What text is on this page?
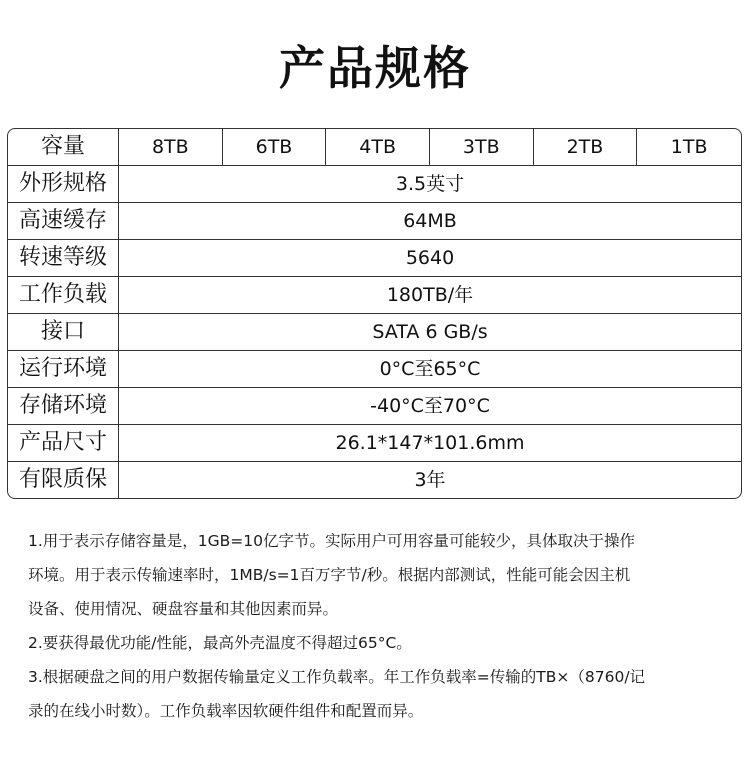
产品规格
容量	8TB	6TB	4TB	3TB	2TB	1TB
外形规格	3.5英寸					
高速缓存	64MB					
转速等级	5640					
工作负载	180TB/年					
接口	SATA 6 GB/s					
运行环境	0°C至65°C					
存储环境	-40°C至70°C					
产品尺寸	26.1*147*101.6mm					
有限质保	3年					

1.用于表示存储容量是，1GB=10亿字节。实际用户可用容量可能较少，具体取决于操作

环境。用于表示传输速率时，1MB/s=1百万字节/秒。根据内部测试，性能可能会因主机

设备、使用情况、硬盘容量和其他因素而异。

2.要获得最优功能/性能，最高外壳温度不得超过65°C。

3.根据硬盘之间的用户数据传输量定义工作负载率。年工作负载率=传输的TB×（8760/记

录的在线小时数）。工作负载率因软硬件组件和配置而异。
